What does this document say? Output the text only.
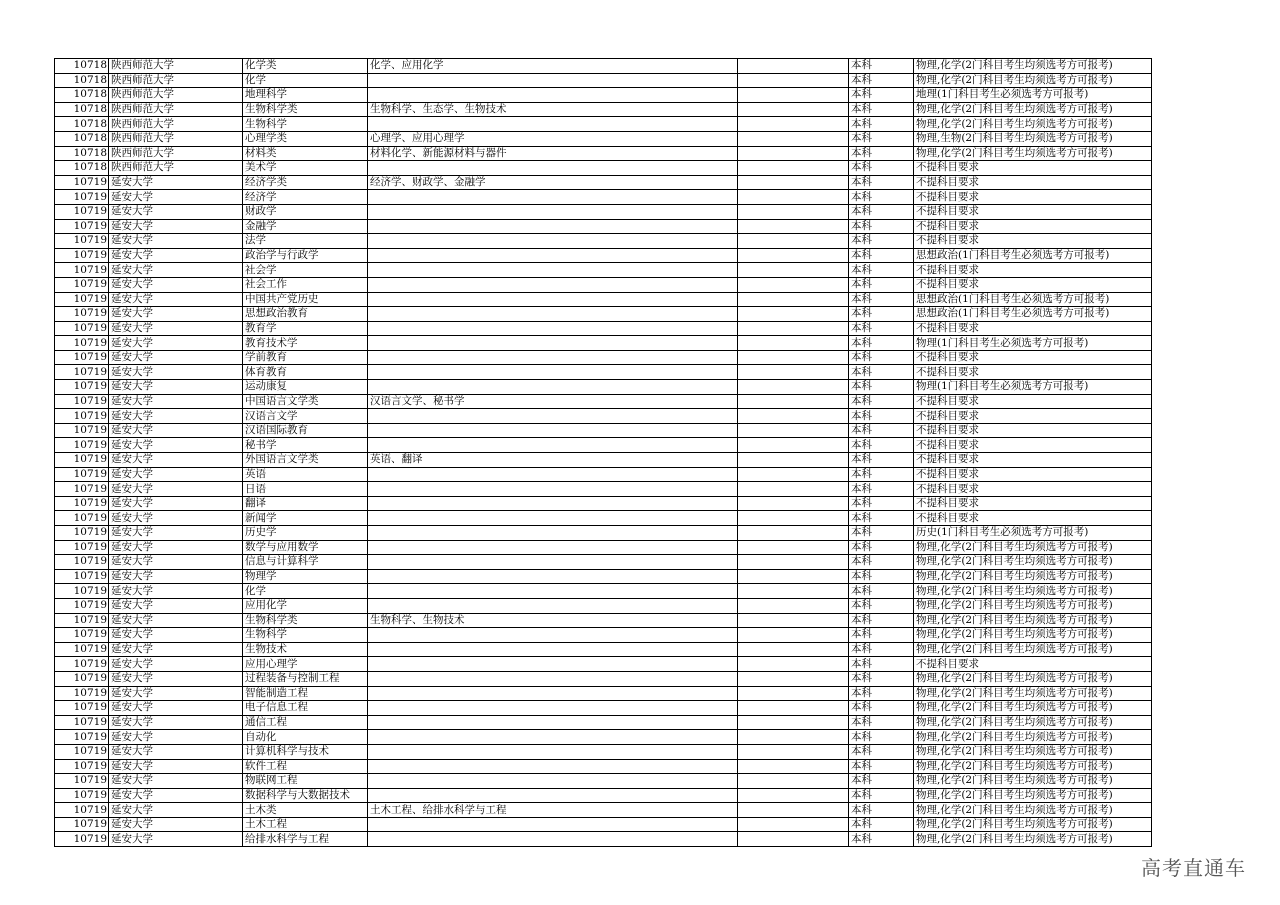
10718	陕西师范大学	化学类	化学、应用化学		本科	物理,化学(2门科目考生均须选考方可报考)
10718	陕西师范大学	化学			本科	物理,化学(2门科目考生均须选考方可报考)
10718	陕西师范大学	地理科学			本科	地理(1门科目考生必须选考方可报考)
10718	陕西师范大学	生物科学类	生物科学、生态学、生物技术		本科	物理,化学(2门科目考生均须选考方可报考)
10718	陕西师范大学	生物科学			本科	物理,化学(2门科目考生均须选考方可报考)
10718	陕西师范大学	心理学类	心理学、应用心理学		本科	物理,生物(2门科目考生均须选考方可报考)
10718	陕西师范大学	材料类	材料化学、新能源材料与器件		本科	物理,化学(2门科目考生均须选考方可报考)
10718	陕西师范大学	美术学			本科	不提科目要求
10719	延安大学	经济学类	经济学、财政学、金融学		本科	不提科目要求
10719	延安大学	经济学			本科	不提科目要求
10719	延安大学	财政学			本科	不提科目要求
10719	延安大学	金融学			本科	不提科目要求
10719	延安大学	法学			本科	不提科目要求
10719	延安大学	政治学与行政学			本科	思想政治(1门科目考生必须选考方可报考)
10719	延安大学	社会学			本科	不提科目要求
10719	延安大学	社会工作			本科	不提科目要求
10719	延安大学	中国共产党历史			本科	思想政治(1门科目考生必须选考方可报考)
10719	延安大学	思想政治教育			本科	思想政治(1门科目考生必须选考方可报考)
10719	延安大学	教育学			本科	不提科目要求
10719	延安大学	教育技术学			本科	物理(1门科目考生必须选考方可报考)
10719	延安大学	学前教育			本科	不提科目要求
10719	延安大学	体育教育			本科	不提科目要求
10719	延安大学	运动康复			本科	物理(1门科目考生必须选考方可报考)
10719	延安大学	中国语言文学类	汉语言文学、秘书学		本科	不提科目要求
10719	延安大学	汉语言文学			本科	不提科目要求
10719	延安大学	汉语国际教育			本科	不提科目要求
10719	延安大学	秘书学			本科	不提科目要求
10719	延安大学	外国语言文学类	英语、翻译		本科	不提科目要求
10719	延安大学	英语			本科	不提科目要求
10719	延安大学	日语			本科	不提科目要求
10719	延安大学	翻译			本科	不提科目要求
10719	延安大学	新闻学			本科	不提科目要求
10719	延安大学	历史学			本科	历史(1门科目考生必须选考方可报考)
10719	延安大学	数学与应用数学			本科	物理,化学(2门科目考生均须选考方可报考)
10719	延安大学	信息与计算科学			本科	物理,化学(2门科目考生均须选考方可报考)
10719	延安大学	物理学			本科	物理,化学(2门科目考生均须选考方可报考)
10719	延安大学	化学			本科	物理,化学(2门科目考生均须选考方可报考)
10719	延安大学	应用化学			本科	物理,化学(2门科目考生均须选考方可报考)
10719	延安大学	生物科学类	生物科学、生物技术		本科	物理,化学(2门科目考生均须选考方可报考)
10719	延安大学	生物科学			本科	物理,化学(2门科目考生均须选考方可报考)
10719	延安大学	生物技术			本科	物理,化学(2门科目考生均须选考方可报考)
10719	延安大学	应用心理学			本科	不提科目要求
10719	延安大学	过程装备与控制工程			本科	物理,化学(2门科目考生均须选考方可报考)
10719	延安大学	智能制造工程			本科	物理,化学(2门科目考生均须选考方可报考)
10719	延安大学	电子信息工程			本科	物理,化学(2门科目考生均须选考方可报考)
10719	延安大学	通信工程			本科	物理,化学(2门科目考生均须选考方可报考)
10719	延安大学	自动化			本科	物理,化学(2门科目考生均须选考方可报考)
10719	延安大学	计算机科学与技术			本科	物理,化学(2门科目考生均须选考方可报考)
10719	延安大学	软件工程			本科	物理,化学(2门科目考生均须选考方可报考)
10719	延安大学	物联网工程			本科	物理,化学(2门科目考生均须选考方可报考)
10719	延安大学	数据科学与大数据技术			本科	物理,化学(2门科目考生均须选考方可报考)
10719	延安大学	土木类	土木工程、给排水科学与工程		本科	物理,化学(2门科目考生均须选考方可报考)
10719	延安大学	土木工程			本科	物理,化学(2门科目考生均须选考方可报考)
10719	延安大学	给排水科学与工程			本科	物理,化学(2门科目考生均须选考方可报考)
高考直通车
